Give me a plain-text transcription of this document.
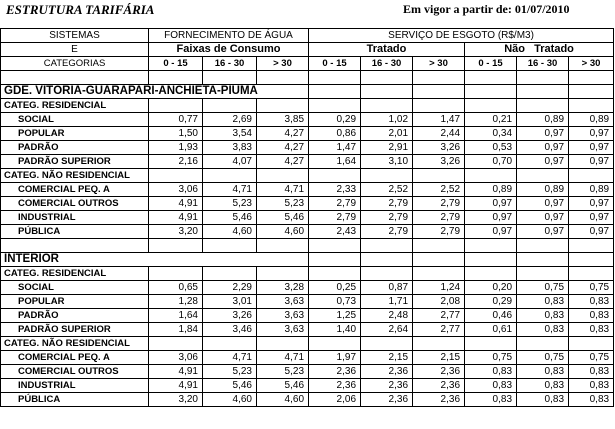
ESTRUTURA TARIFÁRIA	Em vigor a partir de: 01/07/2010
SISTEMAS	FORNECIMENTO DE ÁGUA			SERVIÇO DE ESGOTO (R$/M3)					
E	Faixas de Consumo			Tratado			Não Tratado		
CATEGORIAS	0 - 15	16 - 30	> 30	0 - 15	16 - 30	> 30	0 - 15	16 - 30	> 30

GDE. VITÓRIA-GUARAPARI-ANCHIETA-PIUMA									
CATEG. RESIDENCIAL									
SOCIAL	0,77	2,69	3,85	0,29	1,02	1,47	0,21	0,89	0,89
POPULAR	1,50	3,54	4,27	0,86	2,01	2,44	0,34	0,97	0,97
PADRÃO	1,93	3,83	4,27	1,47	2,91	3,26	0,53	0,97	0,97
PADRÃO SUPERIOR	2,16	4,07	4,27	1,64	3,10	3,26	0,70	0,97	0,97
CATEG. NÃO RESIDENCIAL									
COMERCIAL PEQ. A	3,06	4,71	4,71	2,33	2,52	2,52	0,89	0,89	0,89
COMERCIAL OUTROS	4,91	5,23	5,23	2,79	2,79	2,79	0,97	0,97	0,97
INDUSTRIAL	4,91	5,46	5,46	2,79	2,79	2,79	0,97	0,97	0,97
PÚBLICA	3,20	4,60	4,60	2,43	2,79	2,79	0,97	0,97	0,97

INTERIOR									
CATEG. RESIDENCIAL									
SOCIAL	0,65	2,29	3,28	0,25	0,87	1,24	0,20	0,75	0,75
POPULAR	1,28	3,01	3,63	0,73	1,71	2,08	0,29	0,83	0,83
PADRÃO	1,64	3,26	3,63	1,25	2,48	2,77	0,46	0,83	0,83
PADRÃO SUPERIOR	1,84	3,46	3,63	1,40	2,64	2,77	0,61	0,83	0,83
CATEG. NÃO RESIDENCIAL									
COMERCIAL PEQ. A	3,06	4,71	4,71	1,97	2,15	2,15	0,75	0,75	0,75
COMERCIAL OUTROS	4,91	5,23	5,23	2,36	2,36	2,36	0,83	0,83	0,83
INDUSTRIAL	4,91	5,46	5,46	2,36	2,36	2,36	0,83	0,83	0,83
PÚBLICA	3,20	4,60	4,60	2,06	2,36	2,36	0,83	0,83	0,83
